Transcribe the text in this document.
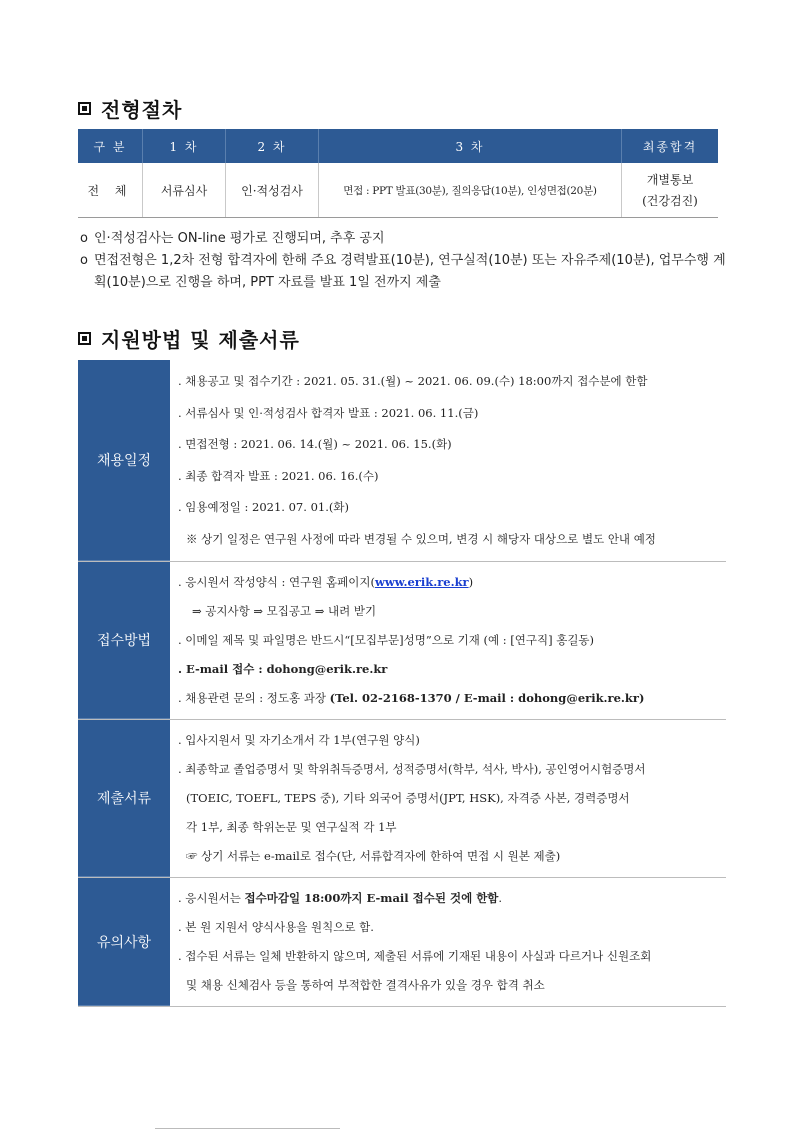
전형절차
구 분	1 차	2 차	3 차	최종합격
전 체	서류심사	인·적성검사	면접 : PPT 발표(30분), 질의응답(10분), 인성면접(20분)	개별통보
(건강검진)
o 인·적성검사는 ON-line 평가로 진행되며, 추후 공지
o 면접전형은 1,2차 전형 합격자에 한해 주요 경력발표(10분), 연구실적(10분) 또는 자유주제(10분), 업무수행 계획(10분)으로 진행을 하며, PPT 자료를 발표 1일 전까지 제출
지원방법 및 제출서류
채용일정
. 채용공고 및 접수기간 : 2021. 05. 31.(월) ~ 2021. 06. 09.(수) 18:00까지 접수분에 한함
. 서류심사 및 인·적성검사 합격자 발표 : 2021. 06. 11.(금)
. 면접전형 : 2021. 06. 14.(월) ~ 2021. 06. 15.(화)
. 최종 합격자 발표 : 2021. 06. 16.(수)
. 임용예정일 : 2021. 07. 01.(화)
※ 상기 일정은 연구원 사정에 따라 변경될 수 있으며, 변경 시 해당자 대상으로 별도 안내 예정
접수방법
. 응시원서 작성양식 : 연구원 홈페이지(www.erik.re.kr)
⇒ 공지사항 ⇒ 모집공고 ⇒ 내려 받기
. 이메일 제목 및 파일명은 반드시“[모집부문]성명”으로 기재 (예 : [연구직] 홍길동)
. E-mail 접수 : dohong@erik.re.kr
. 채용관련 문의 : 정도홍 과장 (Tel. 02-2168-1370 / E-mail : dohong@erik.re.kr)
제출서류
. 입사지원서 및 자기소개서 각 1부(연구원 양식)
. 최종학교 졸업증명서 및 학위취득증명서, 성적증명서(학부, 석사, 박사), 공인영어시험증명서
(TOEIC, TOEFL, TEPS 중), 기타 외국어 증명서(JPT, HSK), 자격증 사본, 경력증명서
각 1부, 최종 학위논문 및 연구실적 각 1부
☞ 상기 서류는 e-mail로 접수(단, 서류합격자에 한하여 면접 시 원본 제출)
유의사항
. 응시원서는 접수마감일 18:00까지 E-mail 접수된 것에 한함.
. 본 원 지원서 양식사용을 원칙으로 함.
. 접수된 서류는 일체 반환하지 않으며, 제출된 서류에 기재된 내용이 사실과 다르거나 신원조회
및 채용 신체검사 등을 통하여 부적합한 결격사유가 있을 경우 합격 취소
